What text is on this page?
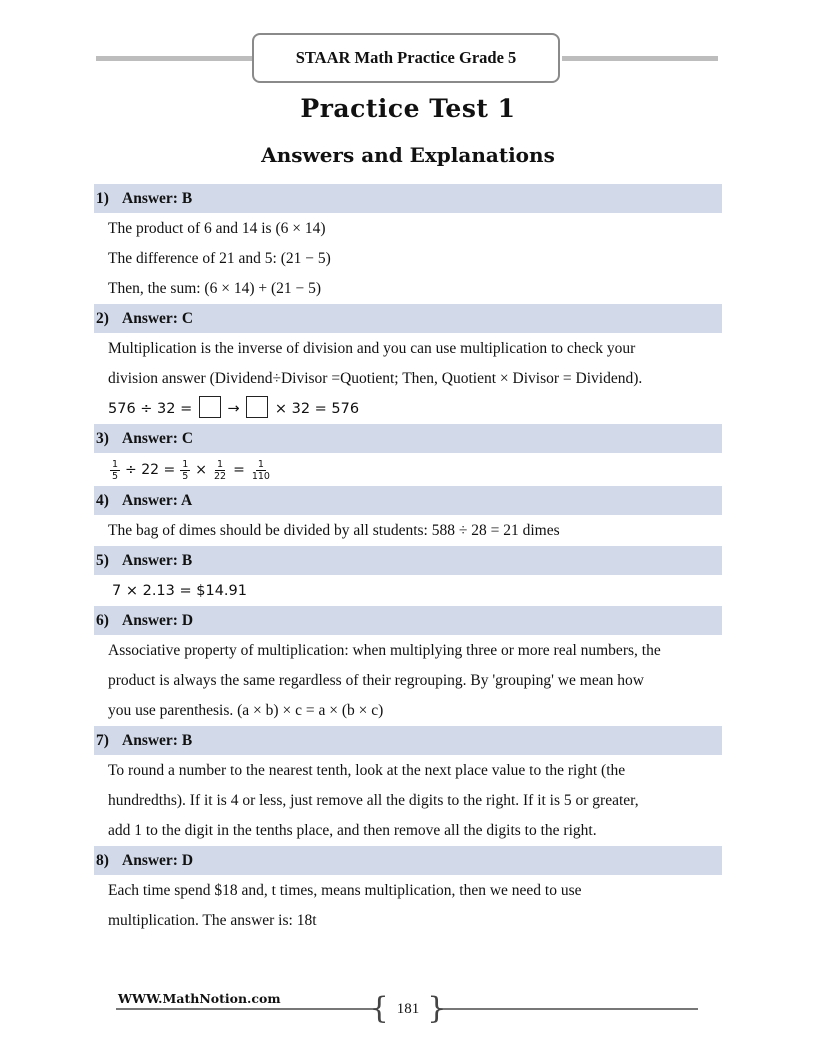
STAAR Math Practice Grade 5
Practice Test 1
Answers and Explanations
1) Answer: B
The product of 6 and 14 is (6 × 14)
The difference of 21 and 5: (21 − 5)
Then, the sum: (6 × 14) + (21 − 5)
2) Answer: C
Multiplication is the inverse of division and you can use multiplication to check your
division answer (Dividend÷Divisor =Quotient; Then, Quotient × Divisor = Dividend).
576 ÷ 32 = → × 32 = 576
3) Answer: C
$\frac{1}{5} \div 22 = \frac{1}{5} \times \frac{1}{22} = \frac{1}{110}$
4) Answer: A
The bag of dimes should be divided by all students: 588 ÷ 28 = 21 dimes
5) Answer: B
7 × 2.13 = $14.91
6) Answer: D
Associative property of multiplication: when multiplying three or more real numbers, the
product is always the same regardless of their regrouping. By 'grouping' we mean how
you use parenthesis. (a × b) × c = a × (b × c)
7) Answer: B
To round a number to the nearest tenth, look at the next place value to the right (the
hundredths). If it is 4 or less, just remove all the digits to the right. If it is 5 or greater,
add 1 to the digit in the tenths place, and then remove all the digits to the right.
8) Answer: D
Each time spend $18 and, t times, means multiplication, then we need to use
multiplication. The answer is: 18t
WWW.MathNotion.com	{ 181 }
